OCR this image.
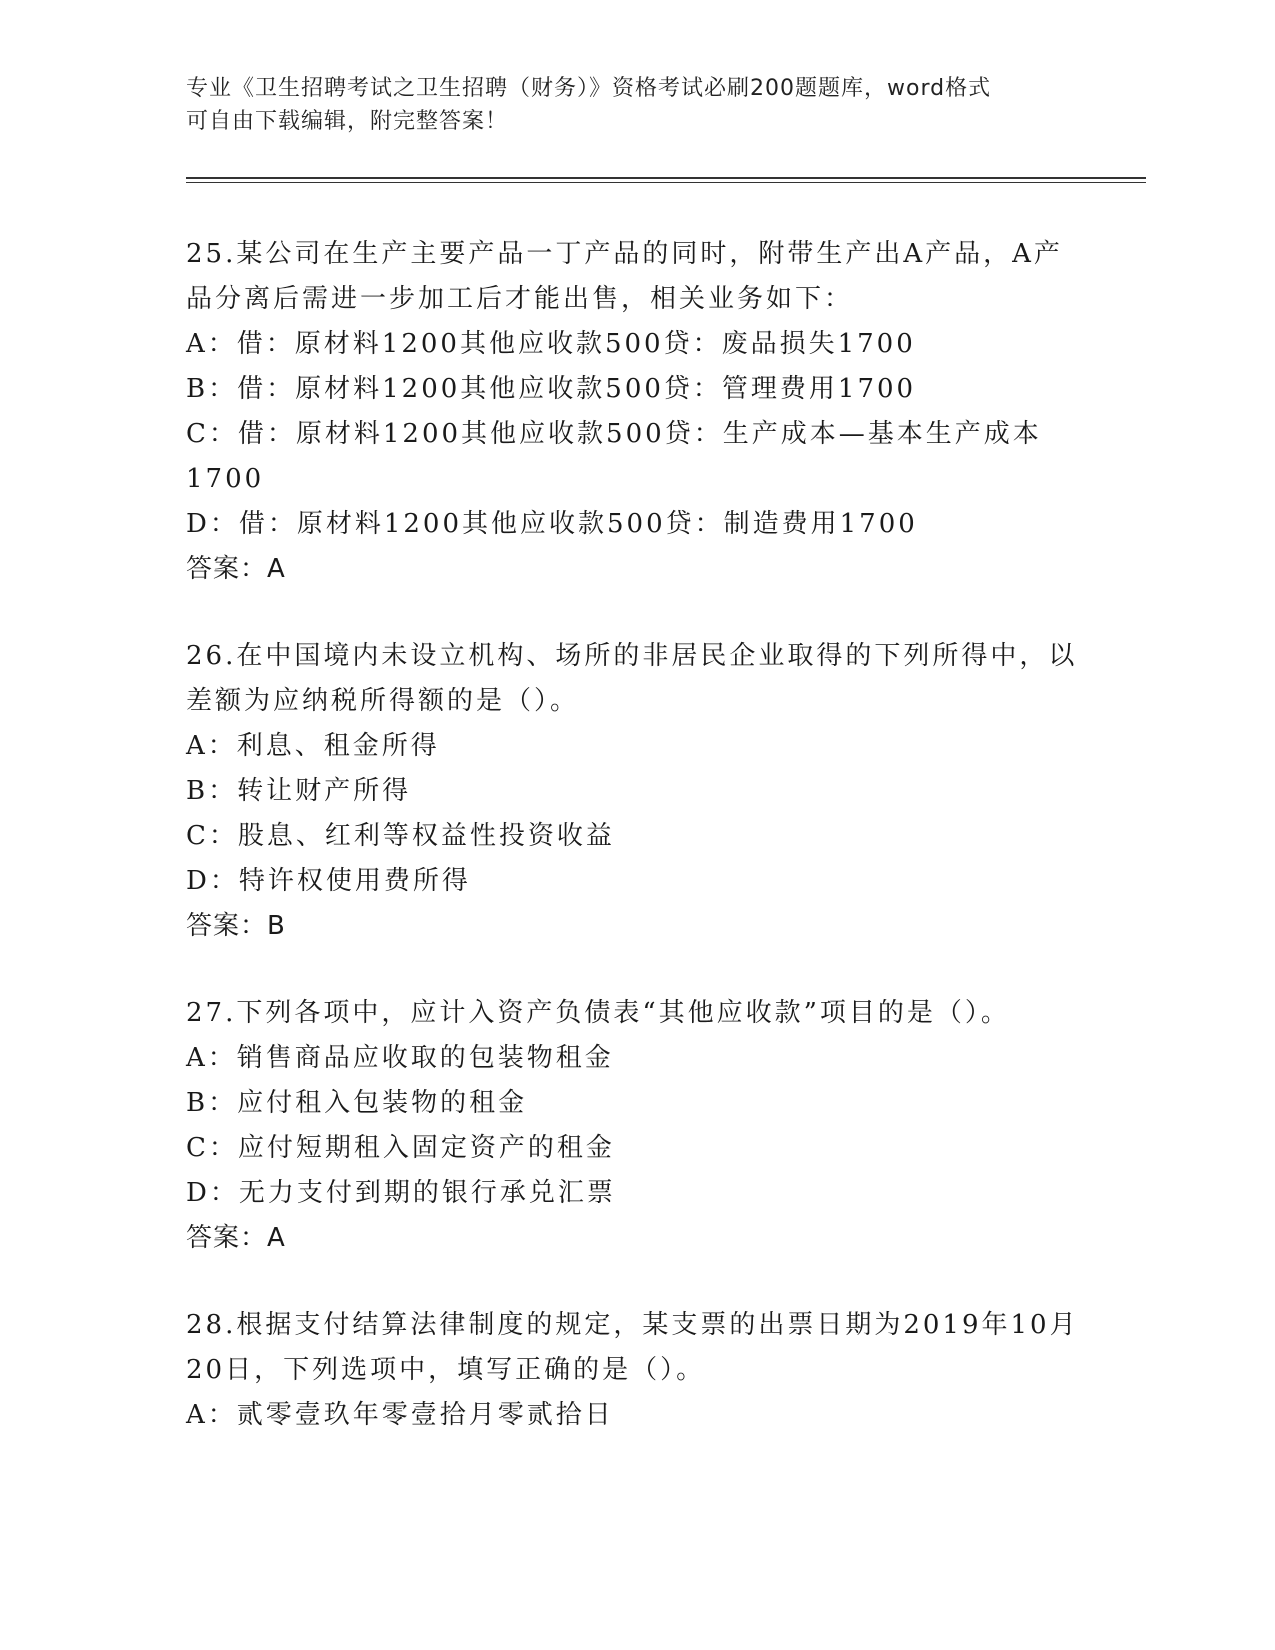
专业《卫生招聘考试之卫生招聘（财务）》资格考试必刷200题题库，word格式
可自由下载编辑，附完整答案！

25.某公司在生产主要产品一丁产品的同时，附带生产出A产品，A产

品分离后需进一步加工后才能出售，相关业务如下：

A：借：原材料1200其他应收款500贷：废品损失1700

B：借：原材料1200其他应收款500贷：管理费用1700

C：借：原材料1200其他应收款500贷：生产成本—基本生产成本

1700

D：借：原材料1200其他应收款500贷：制造费用1700

答案：A

26.在中国境内未设立机构、场所的非居民企业取得的下列所得中，以

差额为应纳税所得额的是（）。

A：利息、租金所得

B：转让财产所得

C：股息、红利等权益性投资收益

D：特许权使用费所得

答案：B

27.下列各项中，应计入资产负债表“其他应收款”项目的是（）。

A：销售商品应收取的包装物租金

B：应付租入包装物的租金

C：应付短期租入固定资产的租金

D：无力支付到期的银行承兑汇票

答案：A

28.根据支付结算法律制度的规定，某支票的出票日期为2019年10月

20日，下列选项中，填写正确的是（）。

A：贰零壹玖年零壹拾月零贰拾日
